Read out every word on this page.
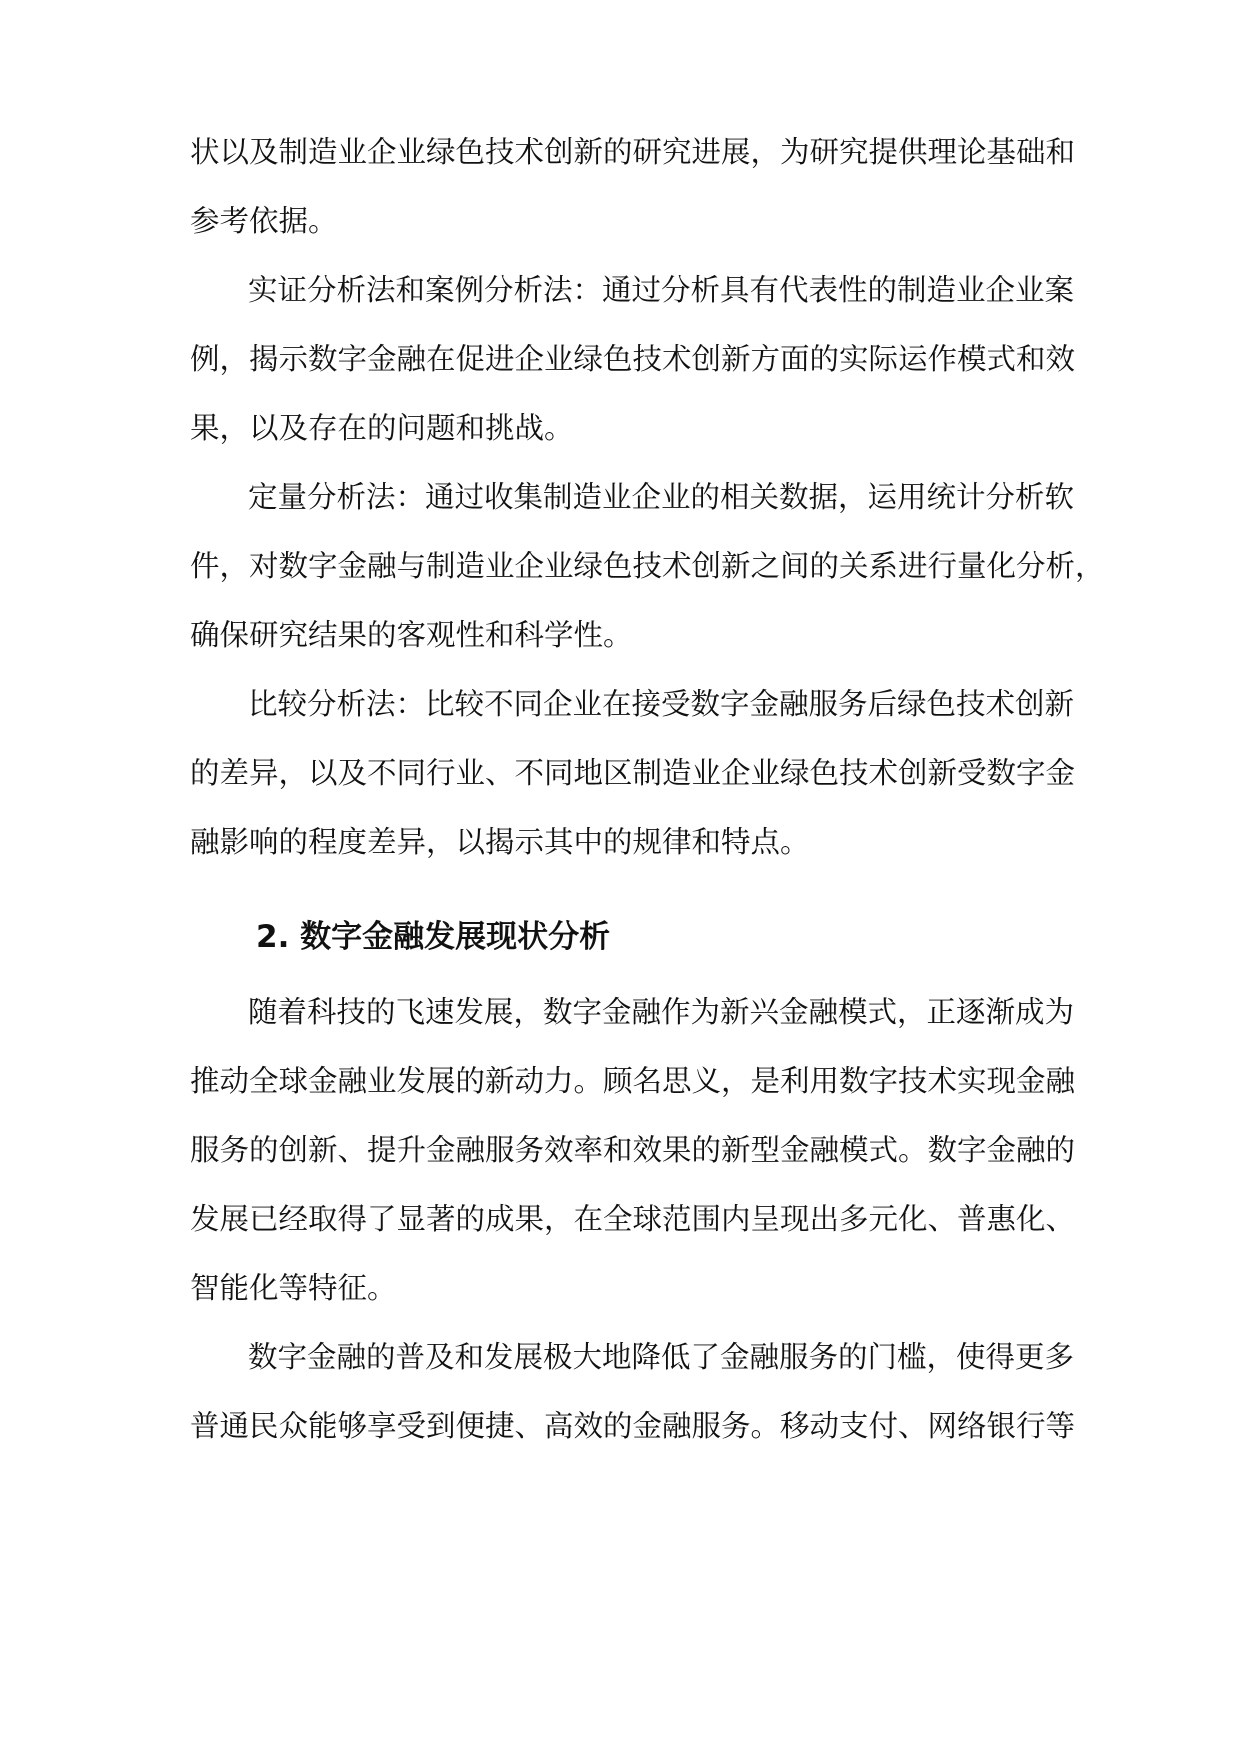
状以及制造业企业绿色技术创新的研究进展，为研究提供理论基础和
参考依据。
实证分析法和案例分析法：通过分析具有代表性的制造业企业案
例，揭示数字金融在促进企业绿色技术创新方面的实际运作模式和效
果，以及存在的问题和挑战。
定量分析法：通过收集制造业企业的相关数据，运用统计分析软
件，对数字金融与制造业企业绿色技术创新之间的关系进行量化分析，
确保研究结果的客观性和科学性。
比较分析法：比较不同企业在接受数字金融服务后绿色技术创新
的差异，以及不同行业、不同地区制造业企业绿色技术创新受数字金
融影响的程度差异，以揭示其中的规律和特点。
2. 数字金融发展现状分析
随着科技的飞速发展，数字金融作为新兴金融模式，正逐渐成为
推动全球金融业发展的新动力。顾名思义，是利用数字技术实现金融
服务的创新、提升金融服务效率和效果的新型金融模式。数字金融的
发展已经取得了显著的成果，在全球范围内呈现出多元化、普惠化、
智能化等特征。
数字金融的普及和发展极大地降低了金融服务的门槛，使得更多
普通民众能够享受到便捷、高效的金融服务。移动支付、网络银行等
